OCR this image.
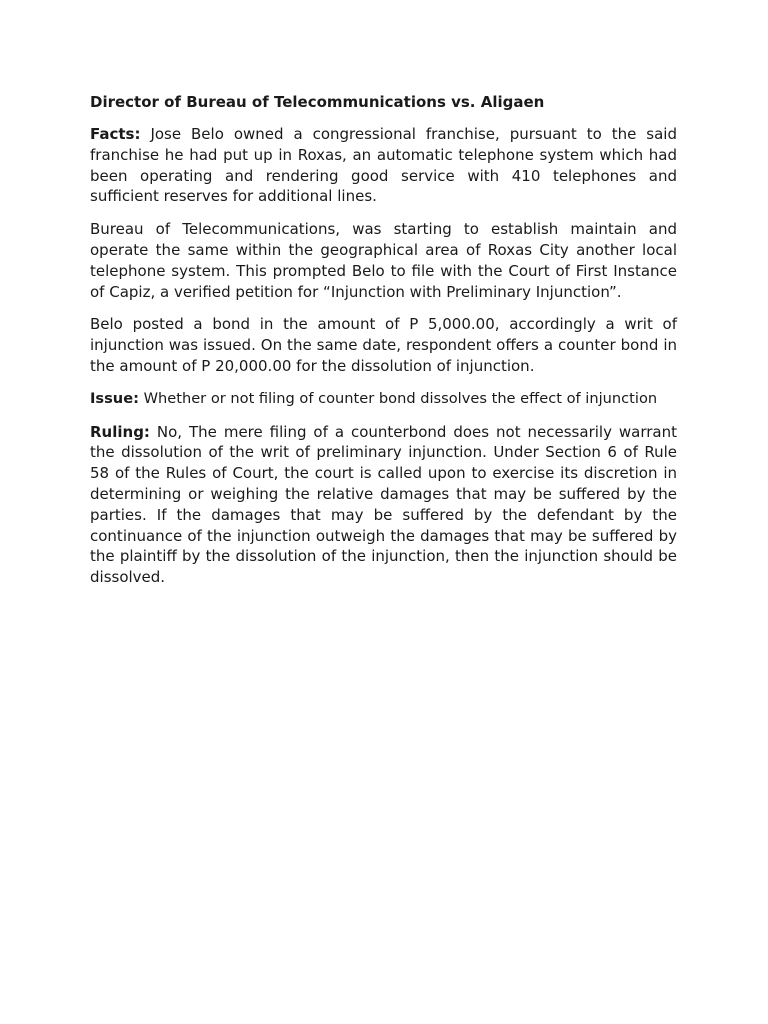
Director of Bureau of Telecommunications vs. Aligaen

Facts: Jose Belo owned a congressional franchise, pursuant to the said franchise he had put up in Roxas, an automatic telephone system which had been operating and rendering good service with 410 telephones and sufficient reserves for additional lines.

Bureau of Telecommunications, was starting to establish maintain and operate the same within the geographical area of Roxas City another local telephone system. This prompted Belo to file with the Court of First Instance of Capiz, a verified petition for “Injunction with Preliminary Injunction”.

Belo posted a bond in the amount of P 5,000.00, accordingly a writ of injunction was issued. On the same date, respondent offers a counter bond in the amount of P 20,000.00 for the dissolution of injunction.

Issue: Whether or not filing of counter bond dissolves the effect of injunction

Ruling: No, The mere filing of a counterbond does not necessarily warrant the dissolution of the writ of preliminary injunction. Under Section 6 of Rule 58 of the Rules of Court, the court is called upon to exercise its discretion in determining or weighing the relative damages that may be suffered by the parties. If the damages that may be suffered by the defendant by the continuance of the injunction outweigh the damages that may be suffered by the plaintiff by the dissolution of the injunction, then the injunction should be dissolved.
